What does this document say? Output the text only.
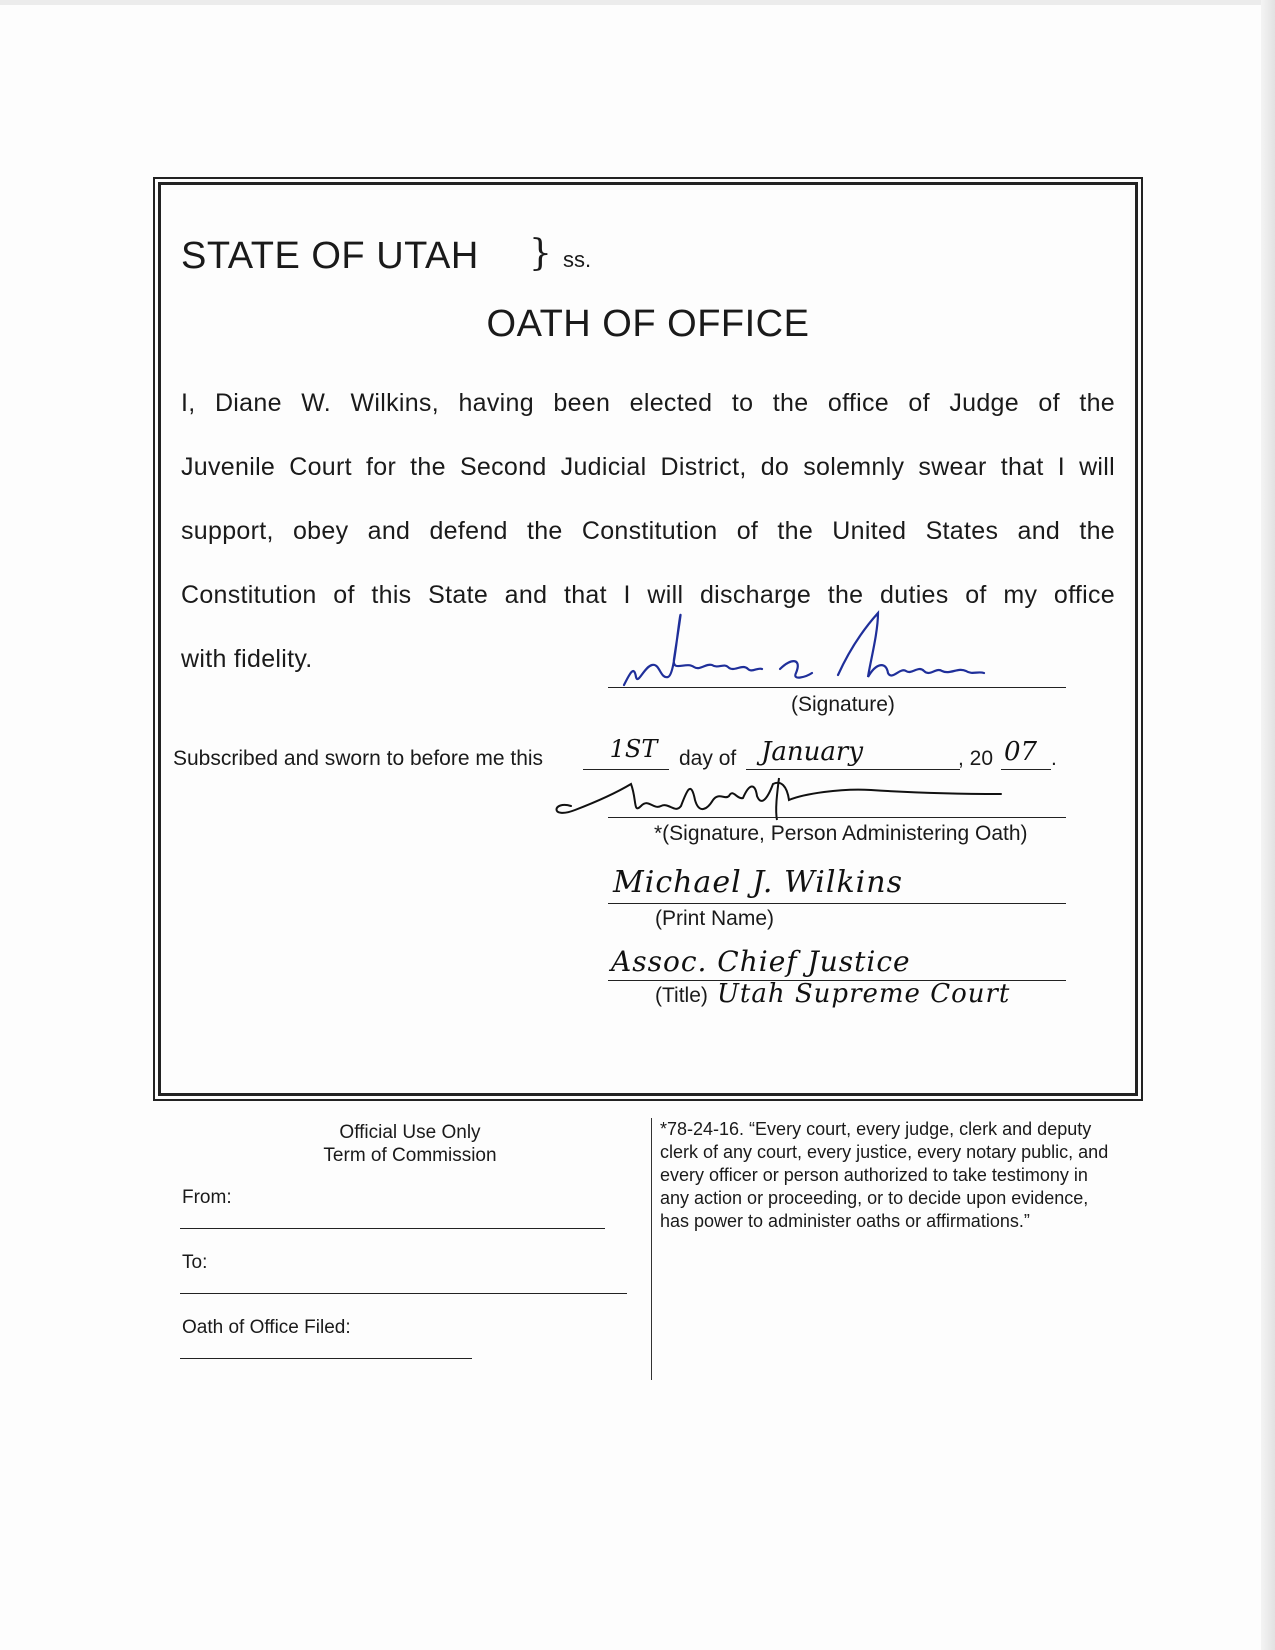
STATE OF UTAH } ss.
OATH OF OFFICE
I, Diane W. Wilkins, having been elected to the office of Judge of the
Juvenile Court for the Second Judicial District, do solemnly swear that I will
support, obey and defend the Constitution of the United States and the
Constitution of this State and that I will discharge the duties of my office
with fidelity.
(Signature)
Subscribed and sworn to before me this	1ST	day of January	, 20 07 .
*(Signature, Person Administering Oath)
Michael J. Wilkins
(Print Name)
Assoc. Chief Justice
(Title) Utah Supreme Court
Official Use Only
Term of Commission
From:
To:
Oath of Office Filed:
*78-24-16. “Every court, every judge, clerk and deputy clerk of any court, every justice, every notary public, and every officer or person authorized to take testimony in any action or proceeding, or to decide upon evidence, has power to administer oaths or affirmations.”
